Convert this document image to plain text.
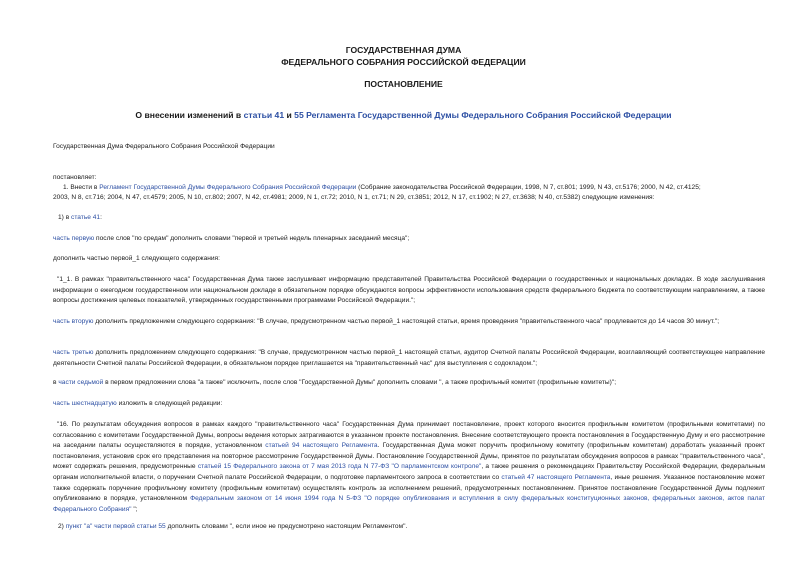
ГОСУДАРСТВЕННАЯ ДУМА
ФЕДЕРАЛЬНОГО СОБРАНИЯ РОССИЙСКОЙ ФЕДЕРАЦИИ
ПОСТАНОВЛЕНИЕ
О внесении изменений в статьи 41 и 55 Регламента Государственной Думы Федерального Собрания Российской Федерации
Государственная Дума Федерального Собрания Российской Федерации
постановляет:
1. Внести в Регламент Государственной Думы Федерального Собрания Российской Федерации (Собрание законодательства Российской Федерации, 1998, N 7, ст.801; 1999, N 43, ст.5176; 2000, N 42, ст.4125;
2003, N 8, ст.716; 2004, N 47, ст.4579; 2005, N 10, ст.802; 2007, N 42, ст.4981; 2009, N 1, ст.72; 2010, N 1, ст.71; N 29, ст.3851; 2012, N 17, ст.1902; N 27, ст.3638; N 40, ст.5382) следующие изменения:
1) в статье 41:
часть первую после слов "по средам" дополнить словами "первой и третьей недель пленарных заседаний месяца";
дополнить частью первой_1 следующего содержания:
"1_1. В рамках "правительственного часа" Государственная Дума также заслушивает информацию представителей Правительства Российской Федерации о государственных и национальных докладах. В ходе заслушивания информации о ежегодном государственном или национальном докладе в обязательном порядке обсуждаются вопросы эффективности использования средств федерального бюджета по соответствующим направлениям, а также вопросы достижения целевых показателей, утвержденных государственными программами Российской Федерации.";
часть вторую дополнить предложением следующего содержания: "В случае, предусмотренном частью первой_1 настоящей статьи, время проведения "правительственного часа" продлевается до 14 часов 30 минут.";
часть третью дополнить предложением следующего содержания: "В случае, предусмотренном частью первой_1 настоящей статьи, аудитор Счетной палаты Российской Федерации, возглавляющий соответствующее направление деятельности Счетной палаты Российской Федерации, в обязательном порядке приглашается на "правительственный час" для выступления с содокладом.";
в части седьмой в первом предложении слова "а также" исключить, после слов "Государственной Думы" дополнить словами ", а также профильный комитет (профильные комитеты)";
часть шестнадцатую изложить в следующей редакции:
"16. По результатам обсуждения вопросов в рамках каждого "правительственного часа" Государственная Дума принимает постановление, проект которого вносится профильным комитетом (профильными комитетами) по согласованию с комитетами Государственной Думы, вопросы ведения которых затрагиваются в указанном проекте постановления. Внесение соответствующего проекта постановления в Государственную Думу и его рассмотрение на заседании палаты осуществляются в порядке, установленном статьей 94 настоящего Регламента. Государственная Дума может поручить профильному комитету (профильным комитетам) доработать указанный проект постановления, установив срок его представления на повторное рассмотрение Государственной Думы. Постановление Государственной Думы, принятое по результатам обсуждения вопросов в рамках "правительственного часа", может содержать решения, предусмотренные статьей 15 Федерального закона от 7 мая 2013 года N 77-ФЗ "О парламентском контроле", а также решения о рекомендациях Правительству Российской Федерации, федеральным органам исполнительной власти, о поручении Счетной палате Российской Федерации, о подготовке парламентского запроса в соответствии со статьей 47 настоящего Регламента, иные решения. Указанное постановление может также содержать поручение профильному комитету (профильным комитетам) осуществлять контроль за исполнением решений, предусмотренных постановлением. Принятое постановление Государственной Думы подлежит опубликованию в порядке, установленном Федеральным законом от 14 июня 1994 года N 5-ФЗ "О порядке опубликования и вступления в силу федеральных конституционных законов, федеральных законов, актов палат Федерального Собрания" ";
2) пункт "а" части первой статьи 55 дополнить словами ", если иное не предусмотрено настоящим Регламентом".
